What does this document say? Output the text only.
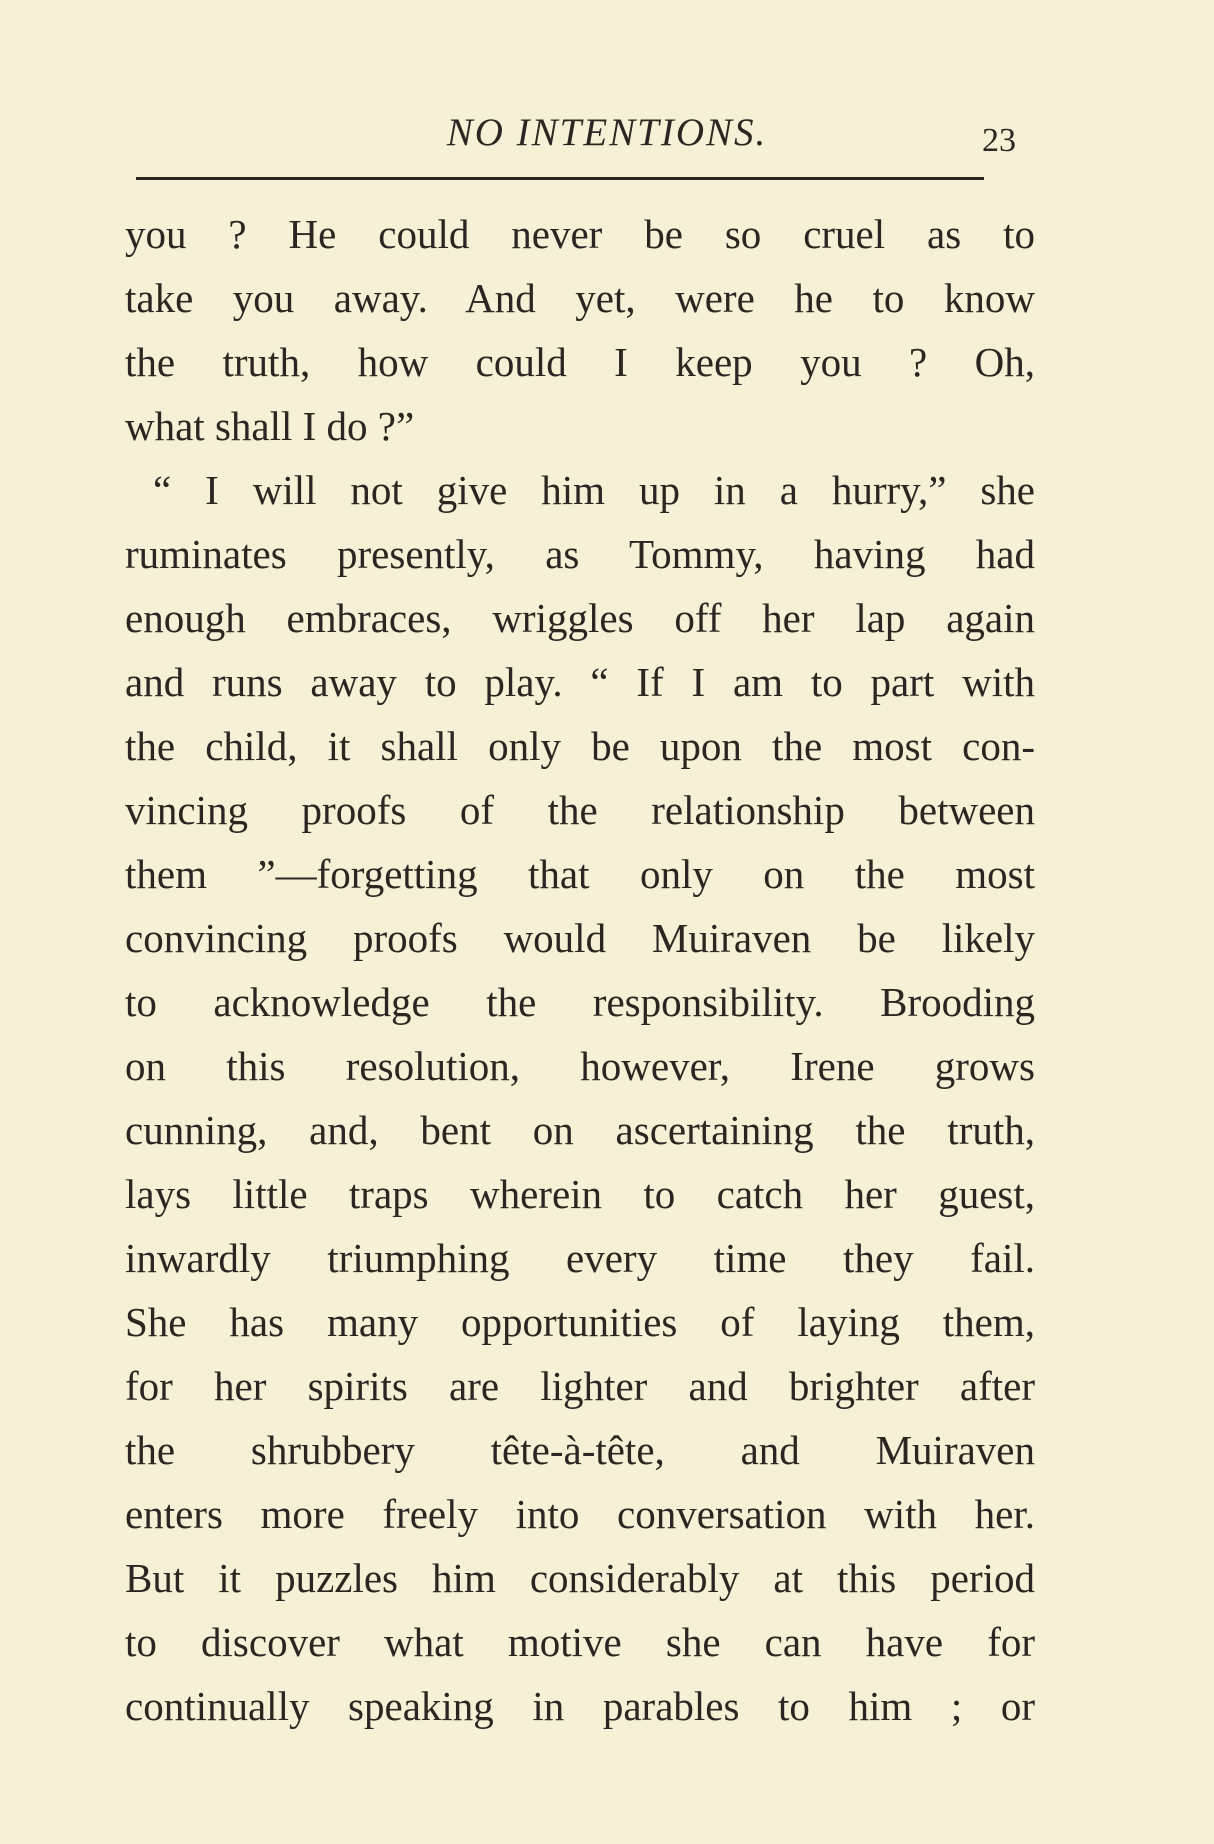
NO INTENTIONS.	23
you ? He could never be so cruel as to
take you away. And yet, were he to know
the truth, how could I keep you ? Oh,
what shall I do ?”
“ I will not give him up in a hurry,” she
ruminates presently, as Tommy, having had
enough embraces, wriggles off her lap again
and runs away to play. “ If I am to part with
the child, it shall only be upon the most con-
vincing proofs of the relationship between
them ”—forgetting that only on the most
convincing proofs would Muiraven be likely
to acknowledge the responsibility. Brooding
on this resolution, however, Irene grows
cunning, and, bent on ascertaining the truth,
lays little traps wherein to catch her guest,
inwardly triumphing every time they fail.
She has many opportunities of laying them,
for her spirits are lighter and brighter after
the shrubbery tête-à-tête, and Muiraven
enters more freely into conversation with her.
But it puzzles him considerably at this period
to discover what motive she can have for
continually speaking in parables to him ; or
